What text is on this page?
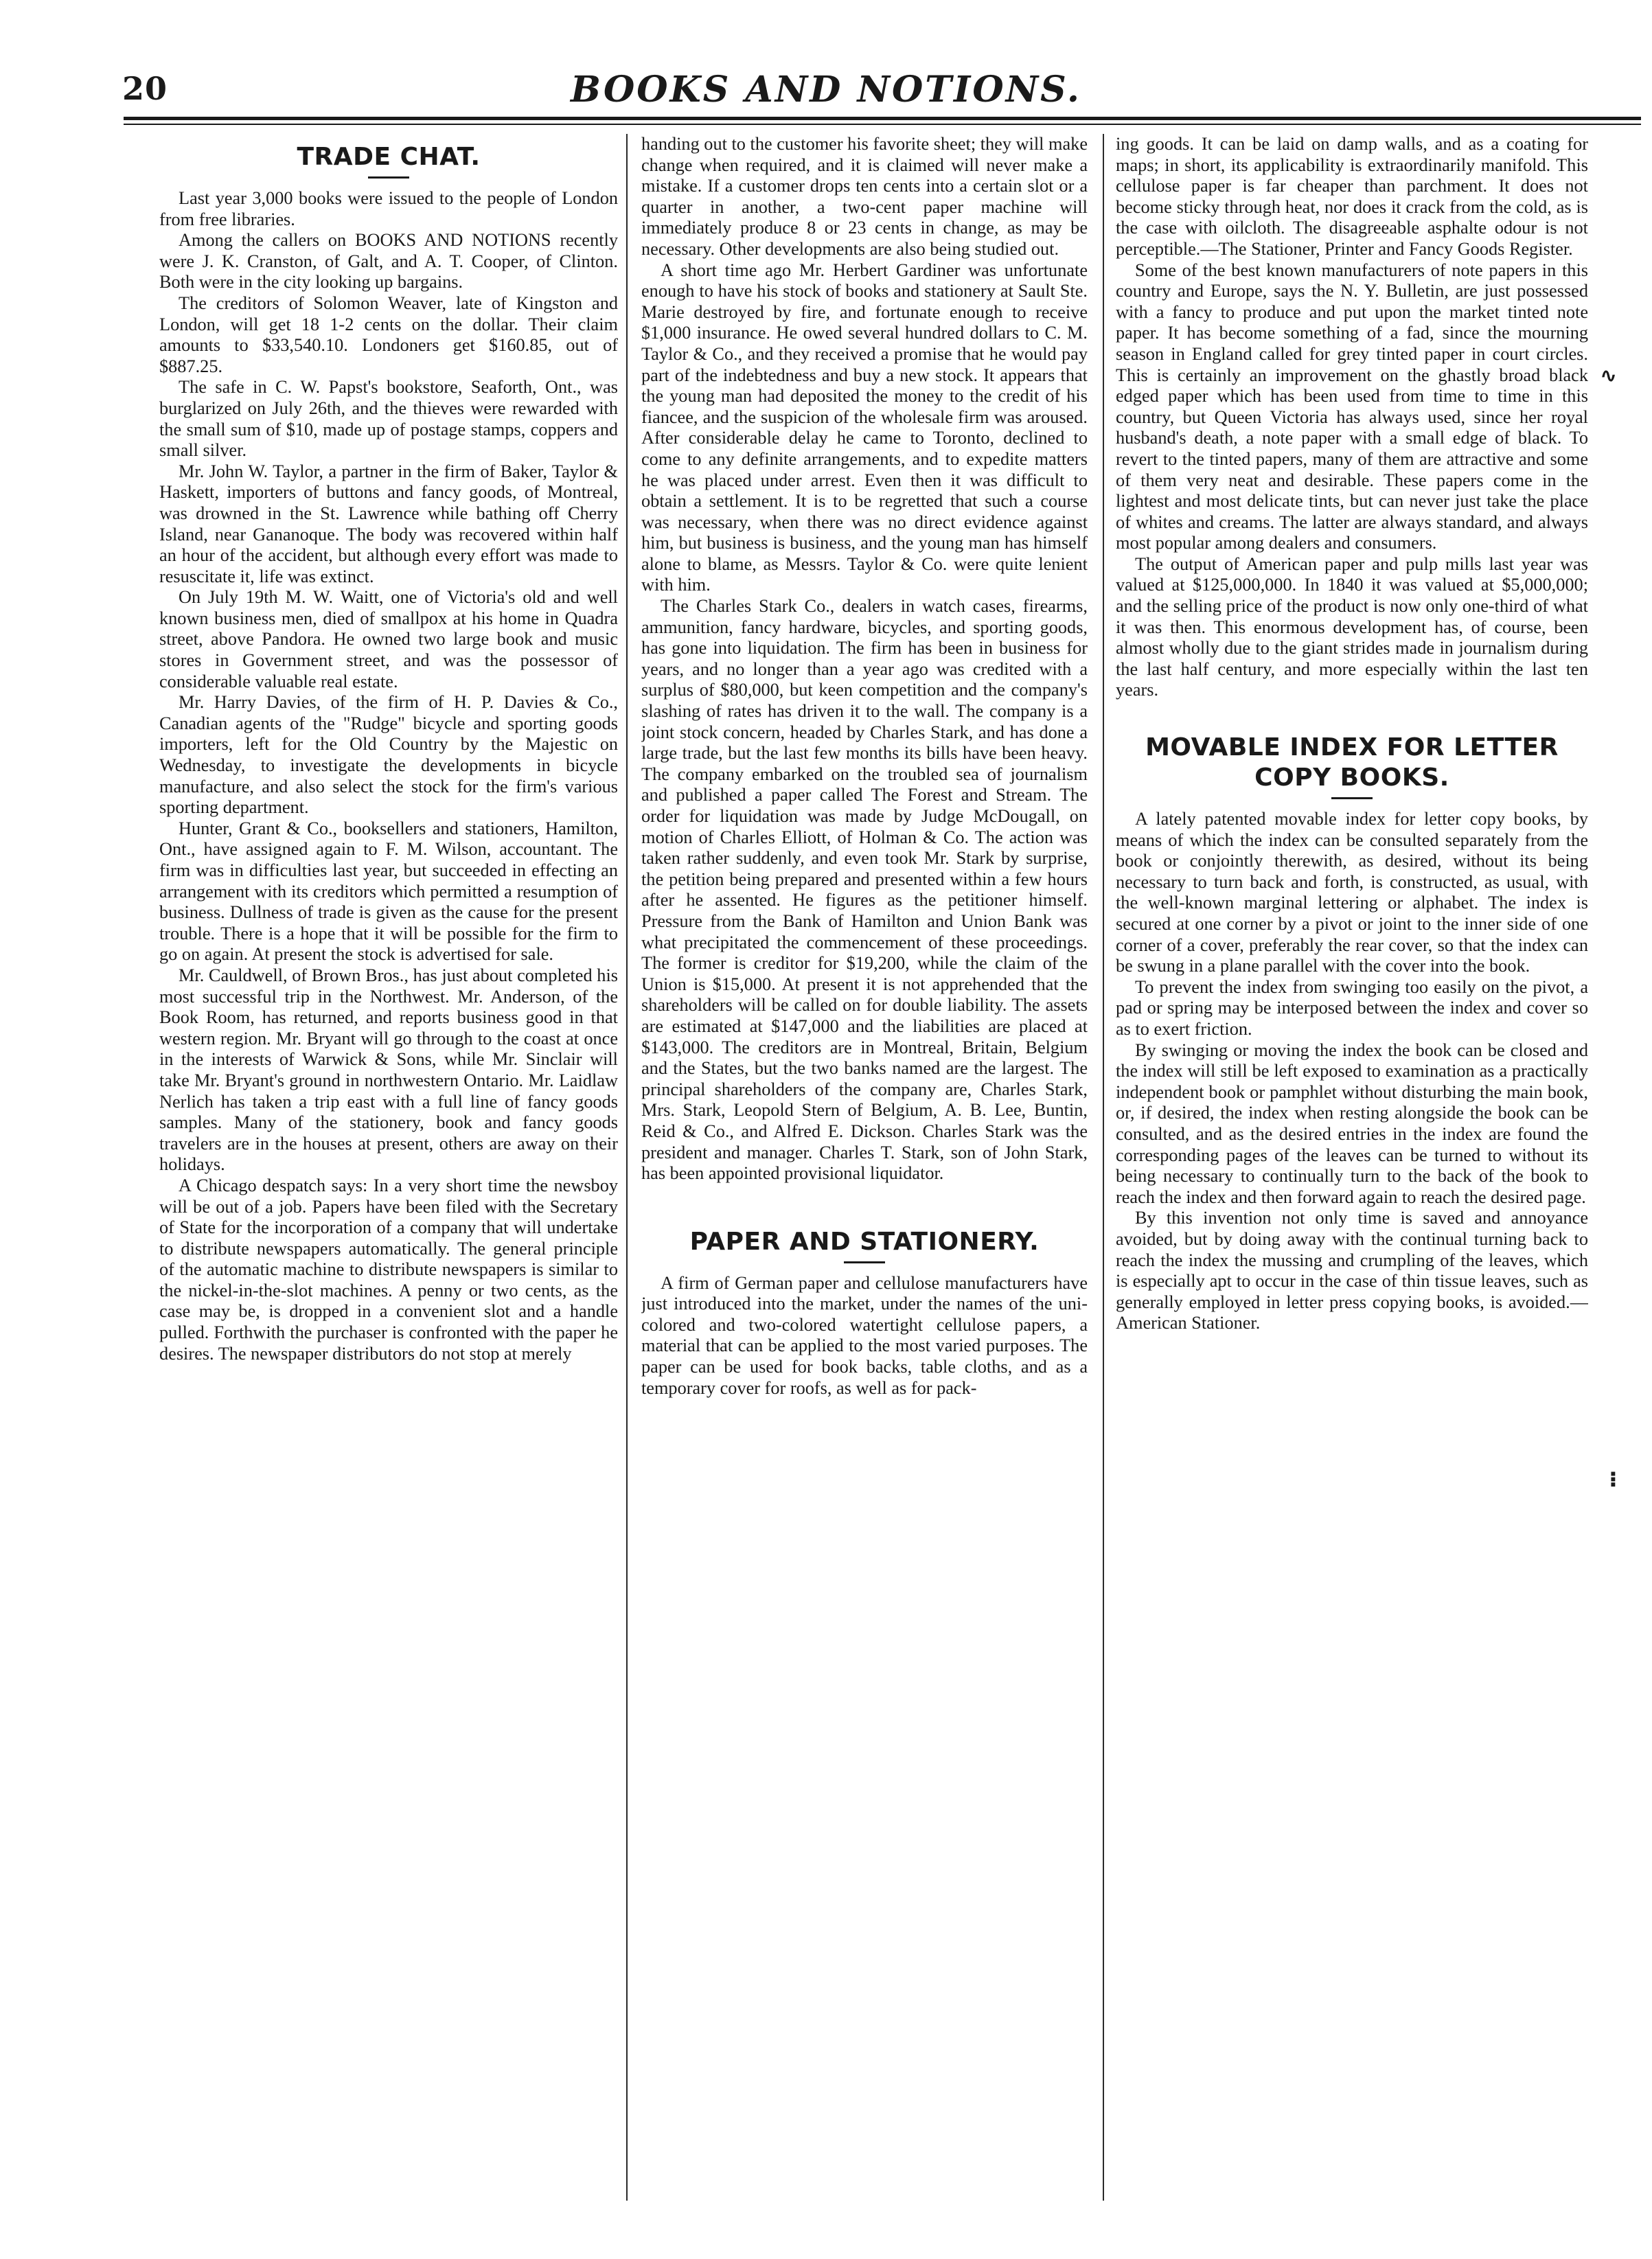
20	BOOKS AND NOTIONS.
TRADE CHAT.

Last year 3,000 books were issued to the people of London from free libraries.

Among the callers on BOOKS AND NOTIONS recently were J. K. Cranston, of Galt, and A. T. Cooper, of Clinton. Both were in the city looking up bargains.

The creditors of Solomon Weaver, late of Kingston and London, will get 18 1-2 cents on the dollar. Their claim amounts to $33,540.10. Londoners get $160.85, out of $887.25.

The safe in C. W. Papst's bookstore, Seaforth, Ont., was burglarized on July 26th, and the thieves were rewarded with the small sum of $10, made up of postage stamps, coppers and small silver.

Mr. John W. Taylor, a partner in the firm of Baker, Taylor & Haskett, importers of buttons and fancy goods, of Montreal, was drowned in the St. Lawrence while bathing off Cherry Island, near Gananoque. The body was recovered within half an hour of the accident, but although every effort was made to resuscitate it, life was extinct.

On July 19th M. W. Waitt, one of Victoria's old and well known business men, died of smallpox at his home in Quadra street, above Pandora. He owned two large book and music stores in Government street, and was the possessor of considerable valuable real estate.

Mr. Harry Davies, of the firm of H. P. Davies & Co., Canadian agents of the "Rudge" bicycle and sporting goods importers, left for the Old Country by the Majestic on Wednesday, to investigate the developments in bicycle manufacture, and also select the stock for the firm's various sporting department.

Hunter, Grant & Co., booksellers and stationers, Hamilton, Ont., have assigned again to F. M. Wilson, accountant. The firm was in difficulties last year, but succeeded in effecting an arrangement with its creditors which permitted a resumption of business. Dullness of trade is given as the cause for the present trouble. There is a hope that it will be possible for the firm to go on again. At present the stock is advertised for sale.

Mr. Cauldwell, of Brown Bros., has just about completed his most successful trip in the Northwest. Mr. Anderson, of the Book Room, has returned, and reports business good in that western region. Mr. Bryant will go through to the coast at once in the interests of Warwick & Sons, while Mr. Sinclair will take Mr. Bryant's ground in northwestern Ontario. Mr. Laidlaw Nerlich has taken a trip east with a full line of fancy goods samples. Many of the stationery, book and fancy goods travelers are in the houses at present, others are away on their holidays.

A Chicago despatch says: In a very short time the newsboy will be out of a job. Papers have been filed with the Secretary of State for the incorporation of a company that will undertake to distribute newspapers automatically. The general principle of the automatic machine to distribute newspapers is similar to the nickel-in-the-slot machines. A penny or two cents, as the case may be, is dropped in a convenient slot and a handle pulled. Forthwith the purchaser is confronted with the paper he desires. The newspaper distributors do not stop at merely

handing out to the customer his favorite sheet; they will make change when required, and it is claimed will never make a mistake. If a customer drops ten cents into a certain slot or a quarter in another, a two-cent paper machine will immediately produce 8 or 23 cents in change, as may be necessary. Other developments are also being studied out.

A short time ago Mr. Herbert Gardiner was unfortunate enough to have his stock of books and stationery at Sault Ste. Marie destroyed by fire, and fortunate enough to receive $1,000 insurance. He owed several hundred dollars to C. M. Taylor & Co., and they received a promise that he would pay part of the indebtedness and buy a new stock. It appears that the young man had deposited the money to the credit of his fiancee, and the suspicion of the wholesale firm was aroused. After considerable delay he came to Toronto, declined to come to any definite arrangements, and to expedite matters he was placed under arrest. Even then it was difficult to obtain a settlement. It is to be regretted that such a course was necessary, when there was no direct evidence against him, but business is business, and the young man has himself alone to blame, as Messrs. Taylor & Co. were quite lenient with him.

The Charles Stark Co., dealers in watch cases, firearms, ammunition, fancy hardware, bicycles, and sporting goods, has gone into liquidation. The firm has been in business for years, and no longer than a year ago was credited with a surplus of $80,000, but keen competition and the company's slashing of rates has driven it to the wall. The company is a joint stock concern, headed by Charles Stark, and has done a large trade, but the last few months its bills have been heavy. The company embarked on the troubled sea of journalism and published a paper called The Forest and Stream. The order for liquidation was made by Judge McDougall, on motion of Charles Elliott, of Holman & Co. The action was taken rather suddenly, and even took Mr. Stark by surprise, the petition being prepared and presented within a few hours after he assented. He figures as the petitioner himself. Pressure from the Bank of Hamilton and Union Bank was what precipitated the commencement of these proceedings. The former is creditor for $19,200, while the claim of the Union is $15,000. At present it is not apprehended that the shareholders will be called on for double liability. The assets are estimated at $147,000 and the liabilities are placed at $143,000. The creditors are in Montreal, Britain, Belgium and the States, but the two banks named are the largest. The principal shareholders of the company are, Charles Stark, Mrs. Stark, Leopold Stern of Belgium, A. B. Lee, Buntin, Reid & Co., and Alfred E. Dickson. Charles Stark was the president and manager. Charles T. Stark, son of John Stark, has been appointed provisional liquidator.

PAPER AND STATIONERY.

A firm of German paper and cellulose manufacturers have just introduced into the market, under the names of the uni-colored and two-colored watertight cellulose papers, a material that can be applied to the most varied purposes. The paper can be used for book backs, table cloths, and as a temporary cover for roofs, as well as for pack-

ing goods. It can be laid on damp walls, and as a coating for maps; in short, its applicability is extraordinarily manifold. This cellulose paper is far cheaper than parchment. It does not become sticky through heat, nor does it crack from the cold, as is the case with oilcloth. The disagreeable asphalte odour is not perceptible.—The Stationer, Printer and Fancy Goods Register.

Some of the best known manufacturers of note papers in this country and Europe, says the N. Y. Bulletin, are just possessed with a fancy to produce and put upon the market tinted note paper. It has become something of a fad, since the mourning season in England called for grey tinted paper in court circles. This is certainly an improvement on the ghastly broad black edged paper which has been used from time to time in this country, but Queen Victoria has always used, since her royal husband's death, a note paper with a small edge of black. To revert to the tinted papers, many of them are attractive and some of them very neat and desirable. These papers come in the lightest and most delicate tints, but can never just take the place of whites and creams. The latter are always standard, and always most popular among dealers and consumers.

The output of American paper and pulp mills last year was valued at $125,000,000. In 1840 it was valued at $5,000,000; and the selling price of the product is now only one-third of what it was then. This enormous development has, of course, been almost wholly due to the giant strides made in journalism during the last half century, and more especially within the last ten years.

MOVABLE INDEX FOR LETTER COPY BOOKS.

A lately patented movable index for letter copy books, by means of which the index can be consulted separately from the book or conjointly therewith, as desired, without its being necessary to turn back and forth, is constructed, as usual, with the well-known marginal lettering or alphabet. The index is secured at one corner by a pivot or joint to the inner side of one corner of a cover, preferably the rear cover, so that the index can be swung in a plane parallel with the cover into the book.

To prevent the index from swinging too easily on the pivot, a pad or spring may be interposed between the index and cover so as to exert friction.

By swinging or moving the index the book can be closed and the index will still be left exposed to examination as a practically independent book or pamphlet without disturbing the main book, or, if desired, the index when resting alongside the book can be consulted, and as the desired entries in the index are found the corresponding pages of the leaves can be turned to without its being necessary to continually turn to the back of the book to reach the index and then forward again to reach the desired page.

By this invention not only time is saved and annoyance avoided, but by doing away with the continual turning back to reach the index the mussing and crumpling of the leaves, which is especially apt to occur in the case of thin tissue leaves, such as generally employed in letter press copying books, is avoided.—American Stationer.

∿
⠇
